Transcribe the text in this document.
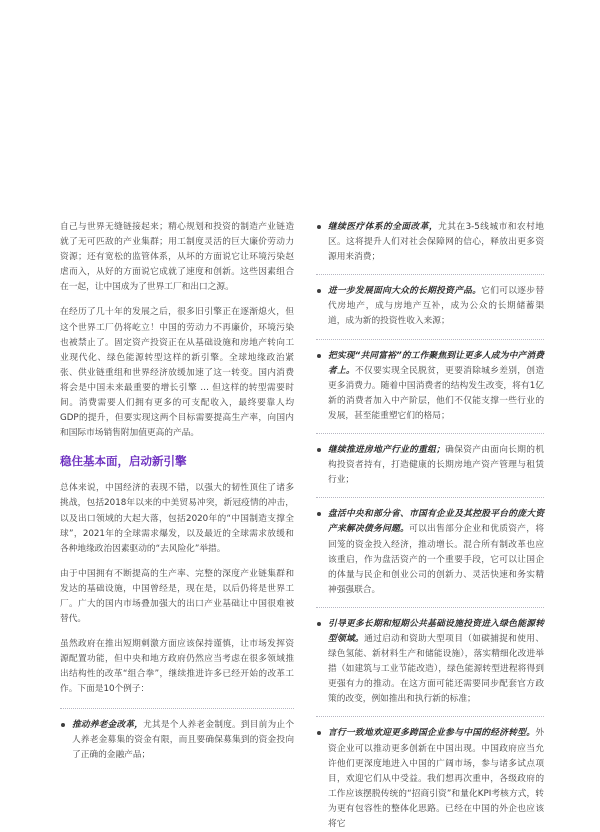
自己与世界无缝链接起来；精心规划和投资的制造产业链造就了无可匹敌的产业集群；用工制度灵活的巨大廉价劳动力资源；还有宽松的监管体系，从坏的方面说它让环境污染赵虐而入，从好的方面说它成就了速度和创新。这些因素组合在一起，让中国成为了世界工厂和出口之源。

在经历了几十年的发展之后，很多旧引擎正在逐渐熄火，但这个世界工厂仍将屹立！中国的劳动力不再廉价，环境污染也被禁止了。固定资产投资正在从基础设施和房地产转向工业现代化、绿色能源转型这样的新引擎。全球地缘政治紧张、供业链重组和世界经济放缓加速了这一转变。国内消费将会是中国未来最重要的增长引擎 … 但这样的转型需要时间。消费需要人们拥有更多的可支配收入，最终要靠人均GDP的提升，但要实现这两个目标需要提高生产率，向国内和国际市场销售附加值更高的产品。

稳住基本面，启动新引擎

总体来说，中国经济的表现不错，以强大的韧性顶住了诸多挑战，包括2018年以来的中美贸易冲突，新冠疫情的冲击，以及出口领域的大起大落，包括2020年的“中国制造支撑全球”，2021年的全球需求爆发，以及最近的全球需求放缓和各种地缘政治因素驱动的“去风险化”举措。

由于中国拥有不断提高的生产率、完整的深度产业链集群和发达的基础设施，中国曾经是，现在是，以后仍将是世界工厂。广大的国内市场叠加强大的出口产业基础让中国很难被替代。

虽然政府在推出短期刺激方面应该保持谨慎，让市场发挥资源配置功能，但中央和地方政府仍然应当考虑在很多领域推出结构性的改革“组合拳”，继续推进许多已经开始的改革工作。下面是10个例子：

推动养老金改革，尤其是个人养老金制度。到目前为止个人养老金募集的资金有限，而且要确保募集到的资金投向了正确的金融产品；
继续医疗体系的全面改革，尤其在3-5线城市和农村地区。这将提升人们对社会保障网的信心，释放出更多资源用来消费；
进一步发展面向大众的长期投资产品。它们可以逐步替代房地产，成与房地产互补，成为公众的长期储蓄渠道，成为新的投资性收入来源；
把实现“共同富裕”的工作聚焦到让更多人成为中产消费者上。不仅要实现全民脱贫，更要消除城乡差别，创造更多消费力。随着中国消费者的结构发生改变，将有1亿新的消费者加入中产阶层，他们不仅能支撑一些行业的发展，甚至能重塑它们的格局；
继续推进房地产行业的重组；确保资产由面向长期的机构投资者持有，打造健康的长期房地产资产管理与租赁行业；
盘活中央和部分省、市国有企业及其控股平台的庞大资产来解决债务问题。可以出售部分企业和优质资产，将回笼的资金投入经济，推动增长。混合所有制改革也应该重启，作为盘活资产的一个重要手段，它可以让国企的体量与民企和创业公司的创新力、灵活快速和务实精神强强联合。
引导更多长期和短期公共基础设施投资进入绿色能源转型领域。通过启动和资助大型项目（如碳捕捉和使用、绿色氢能、新材料生产和储能设施），落实精细化改进举措（如建筑与工业节能改造），绿色能源转型进程将得到更强有力的推动。在这方面可能还需要同步配套官方政策的改变，例如推出和执行新的标准；
言行一致地欢迎更多跨国企业参与中国的经济转型。外资企业可以推动更多创新在中国出现。中国政府应当允许他们更深度地进入中国的广阔市场，参与诸多试点项目，欢迎它们从中受益。我们想再次重申，各级政府的工作应该摆脱传统的“招商引资”和量化KPI考核方式，转为更有包容性的整体化思路。已经在中国的外企也应该将它
